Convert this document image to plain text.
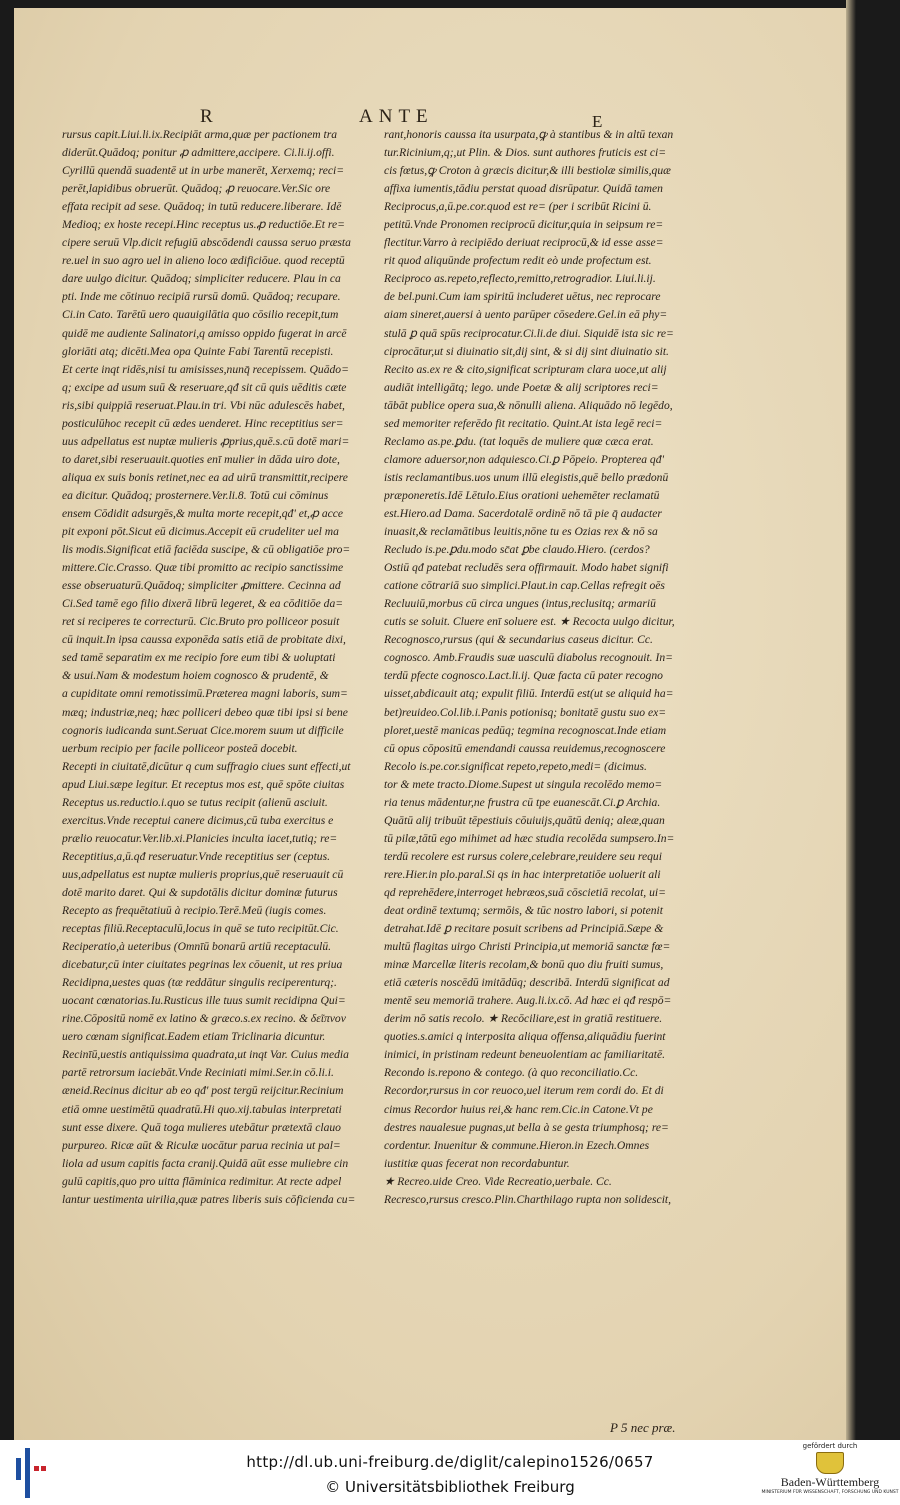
R	ANTE	E
rursus capit.Liui.li.ix.Recipiāt arma,quæ per pactionem tra
diderūt.Quādoq; ponitur ꝓ admittere,accipere. Ci.li.ij.offi.
Cyrillū quendā suadentē ut in urbe manerēt, Xerxemq; reci=
perēt,lapidibus obruerūt. Quādoq; ꝓ reuocare.Ver.Sic ore
effata recipit ad sese. Quādoq; in tutū reducere.liberare. Idē
Medioq; ex hoste recepi.Hinc receptus us.ꝓ reductiōe.Et re=
cipere seruū Vlp.dicit refugiū abscōdendi caussa seruo præsta
re.uel in suo agro uel in alieno loco ædificiōue. quod receptū
dare uulgo dicitur. Quādoq; simpliciter reducere. Plau in ca
pti. Inde me cōtinuo recipiā rursū domū. Quādoq; recupare.
Ci.in Cato. Tarētū uero quauigilātia quo cōsilio recepit,tum
quidē me audiente Salinatori,q amisso oppido fugerat in arcē
gloriāti atq; dicēti.Mea opa Quinte Fabi Tarentū recepisti.
Et certe inqt ridēs,nisi tu amisisses,nunq̄ recepissem. Quādo=
q; excipe ad usum suū & reseruare,qđ sit cū quis uēditis cæte
ris,sibi quippiā reseruat.Plau.in tri. Vbi nūc adulescēs habet,
posticulūhoc recepit cū ædes uenderet. Hinc receptitius ser=
uus adpellatus est nuptæ mulieris ꝓprius,quē.s.cū dotē mari=
to daret,sibi reseruauit.quoties enī mulier in dāda uiro dote,
aliqua ex suis bonis retinet,nec ea ad uirū transmittit,recipere
ea dicitur. Quādoq; prosternere.Ver.li.8. Totū cui cōminus
ensem Cōdidit adsurgēs,& multa morte recepit,qđ' et,ꝓ acce
pit exponi pōt.Sicut eū dicimus.Accepit eū crudeliter uel ma
lis modis.Significat etiā faciēda suscipe, & cū obligatiōe pro=
mittere.Cic.Crasso. Quæ tibi promitto ac recipio sanctissime
esse obseruaturū.Quādoq; simpliciter ꝓmittere. Cecinna ad
Ci.Sed tamē ego filio dixerā librū legeret, & ea cōditiōe da=
ret si reciperes te correcturū. Cic.Bruto pro polliceor posuit
cū inquit.In ipsa caussa exponēda satis etiā de probitate dixi,
sed tamē separatim ex me recipio fore eum tibi & uoluptati
& usui.Nam & modestum hoiem cognosco & prudentē, &
a cupiditate omni remotissimū.Præterea magni laboris, sum=
mæq; industriæ,neq; hæc polliceri debeo quæ tibi ipsi si bene
cognoris iudicanda sunt.Seruat Cice.morem suum ut difficile
uerbum recipio per facile polliceor posteā docebit.
Recepti in ciuitatē,dicūtur q cum suffragio ciues sunt effecti,ut
apud Liui.sæpe legitur. Et receptus mos est, quē spōte ciuitas
Receptus us.reductio.i.quo se tutus recipit (alienū asciuit.
exercitus.Vnde receptui canere dicimus,cū tuba exercitus e
prælio reuocatur.Ver.lib.xi.Planicies inculta iacet,tutiq; re=
Receptitius,a,ū.qđ reseruatur.Vnde receptitius ser (ceptus.
uus,adpellatus est nuptæ mulieris proprius,quē reseruauit cū
dotē marito daret. Qui & supdotālis dicitur dominæ futurus
Recepto as frequētatiuū à recipio.Terē.Meū (iugis comes.
receptas filiū.Receptaculū,locus in quē se tuto recipitūt.Cic.
Reciperatio,à ueteribus (Omnīū bonarū artiū receptaculū.
dicebatur,cū inter ciuitates pegrinas lex cōuenit, ut res priua
Recidipna,uestes quas (tæ reddātur singulis reciperenturq;.
uocant cœnatorias.Iu.Rusticus ille tuus sumit recidipna Qui=
rine.Cōpositū nomē ex latino & græco.s.ex recino. & δεῖπνον
uero cœnam significat.Eadem etiam Triclinaria dicuntur.
Recinīū,uestis antiquissima quadrata,ut inqt Var. Cuius media
partē retrorsum iaciebāt.Vnde Reciniati mimi.Ser.in cō.li.i.
æneid.Recinus dicitur ab eo qđ' post tergū reijcitur.Recinium
etiā omne uestimētū quadratū.Hi quo.xij.tabulas interpretati
sunt esse dixere. Quā toga mulieres utebātur prætextā clauo
purpureo. Ricæ aūt & Riculæ uocātur parua recinia ut pal=
liola ad usum capitis facta cranij.Quidā aūt esse muliebre cin
gulū capitis,quo pro uitta flāminica redimitur. At recte adpel
lantur uestimenta uirilia,quæ patres liberis suis cōficienda cu=
rant,honoris caussa ita usurpata,ꝙ à stantibus & in altū texan
tur.Ricinium,q;,ut Plin. & Dios. sunt authores fruticis est ci=
cis fœtus,ꝙ Croton à græcis dicitur,& illi bestiolæ similis,quæ
affixa iumentis,tādiu perstat quoad disrūpatur. Quidā tamen
Reciprocus,a,ū.pe.cor.quod est re= (per i scribūt Ricini ū.
petitū.Vnde Pronomen reciprocū dicitur,quia in seipsum re=
flectitur.Varro à recipiēdo deriuat reciprocū,& id esse asse=
rit quod aliquūnde profectum redit eò unde profectum est.
Reciproco as.repeto,reflecto,remitto,retrogradior. Liui.li.ij.
de bel.puni.Cum iam spiritū includeret uētus, nec reprocare
aiam sineret,auersi à uento parūper cōsedere.Gel.in eā phy=
stulā ꝑ quā spūs reciprocatur.Ci.li.de diui. Siquidē ista sic re=
ciprocātur,ut si diuinatio sit,dij sint, & si dij sint diuinatio sit.
Recito as.ex re & cito,significat scripturam clara uoce,ut alij
audiāt intelligātq; lego. unde Poetæ & alij scriptores reci=
tābāt publice opera sua,& nōnulli aliena. Aliquādo nō legēdo,
sed memoriter referēdo fit recitatio. Quint.At ista legē reci=
Reclamo as.pe.ꝑdu. (tat loquēs de muliere quæ cæca erat.
clamore aduersor,non adquiesco.Ci.ꝑ Pōpeio. Propterea qđ'
istis reclamantibus.uos unum illū elegistis,quē bello prædonū
præponeretis.Idē Lētulo.Eius orationi uehemēter reclamatū
est.Hiero.ad Dama. Sacerdotalē ordinē nō tā pie q̄ audacter
inuasit,& reclamātibus leuitis,nōne tu es Ozias rex & nō sa
Recludo is.pe.ꝑdu.modo sc̄at ꝑbe claudo.Hiero. (cerdos?
Ostiū qđ patebat recludēs sera offirmauit. Modo habet signifi
catione cōtrariā suo simplici.Plaut.in cap.Cellas refregit oēs
Recluuiū,morbus cū circa ungues (intus,reclusitq; armariū
cutis se soluit. Cluere enī soluere est. ★ Recocta uulgo dicitur,
Recognosco,rursus (qui & secundarius caseus dicitur. Cc.
cognosco. Amb.Fraudis suæ uasculū diabolus recognouit. In=
terdū pfecte cognosco.Lact.li.ij. Quæ facta cū pater recogno
uisset,abdicauit atq; expulit filiū. Interdū est(ut se aliquid ha=
bet)reuideo.Col.lib.i.Panis potionisq; bonitatē gustu suo ex=
ploret,uestē manicas pedūq; tegmina recognoscat.Inde etiam
cū opus cōpositū emendandi caussa reuidemus,recognoscere
Recolo is.pe.cor.significat repeto,repeto,medi= (dicimus.
tor & mete tracto.Diome.Supest ut singula recolēdo memo=
ria tenus mādentur,ne frustra cū tpe euanescāt.Ci.ꝑ Archia.
Quātū alij tribuūt tēpestiuis cōuiuijs,quātū deniq; aleæ,quan
tū pilæ,tātū ego mihimet ad hæc studia recolēda sumpsero.In=
terdū recolere est rursus colere,celebrare,reuidere seu requi
rere.Hier.in plo.paral.Si qs in hac interpretatiōe uoluerit ali
qd reprehēdere,interroget hebræos,suā cōscietiā recolat, ui=
deat ordinē textumq; sermōis, & tūc nostro labori, si potenit
detrahat.Idē ꝑ recitare posuit scribens ad Principiā.Sæpe &
multū flagitas uirgo Christi Principia,ut memoriā sanctæ fœ=
minæ Marcellæ literis recolam,& bonū quo diu fruiti sumus,
etiā cæteris noscēdū imitādūq; describā. Interdū significat ad
mentē seu memoriā trahere. Aug.li.ix.cō. Ad hæc ei qđ respō=
derim nō satis recolo. ★ Recōciliare,est in gratiā restituere.
quoties.s.amici q interposita aliqua offensa,aliquādiu fuerint
inimici, in pristinam redeunt beneuolentiam ac familiaritatē.
Recondo is.repono & contego. (à quo reconciliatio.Cc.
Recordor,rursus in cor reuoco,uel iterum rem cordi do. Et di
cimus Recordor huius rei,& hanc rem.Cic.in Catone.Vt pe
destres naualesue pugnas,ut bella à se gesta triumphosq; re=
cordentur. Inuenitur & commune.Hieron.in Ezech.Omnes
iustitiæ quas fecerat non recordabuntur.
★ Recreo.uide Creo. Vide Recreatio,uerbale. Cc.
Recresco,rursus cresco.Plin.Charthilago rupta non solidescit,
P 5 nec præ.
http://dl.ub.uni-freiburg.de/diglit/calepino1526/0657
© Universitätsbibliothek Freiburg
gefördert durch
Baden-Württemberg
MINISTERIUM FÜR WISSENSCHAFT, FORSCHUNG UND KUNST
